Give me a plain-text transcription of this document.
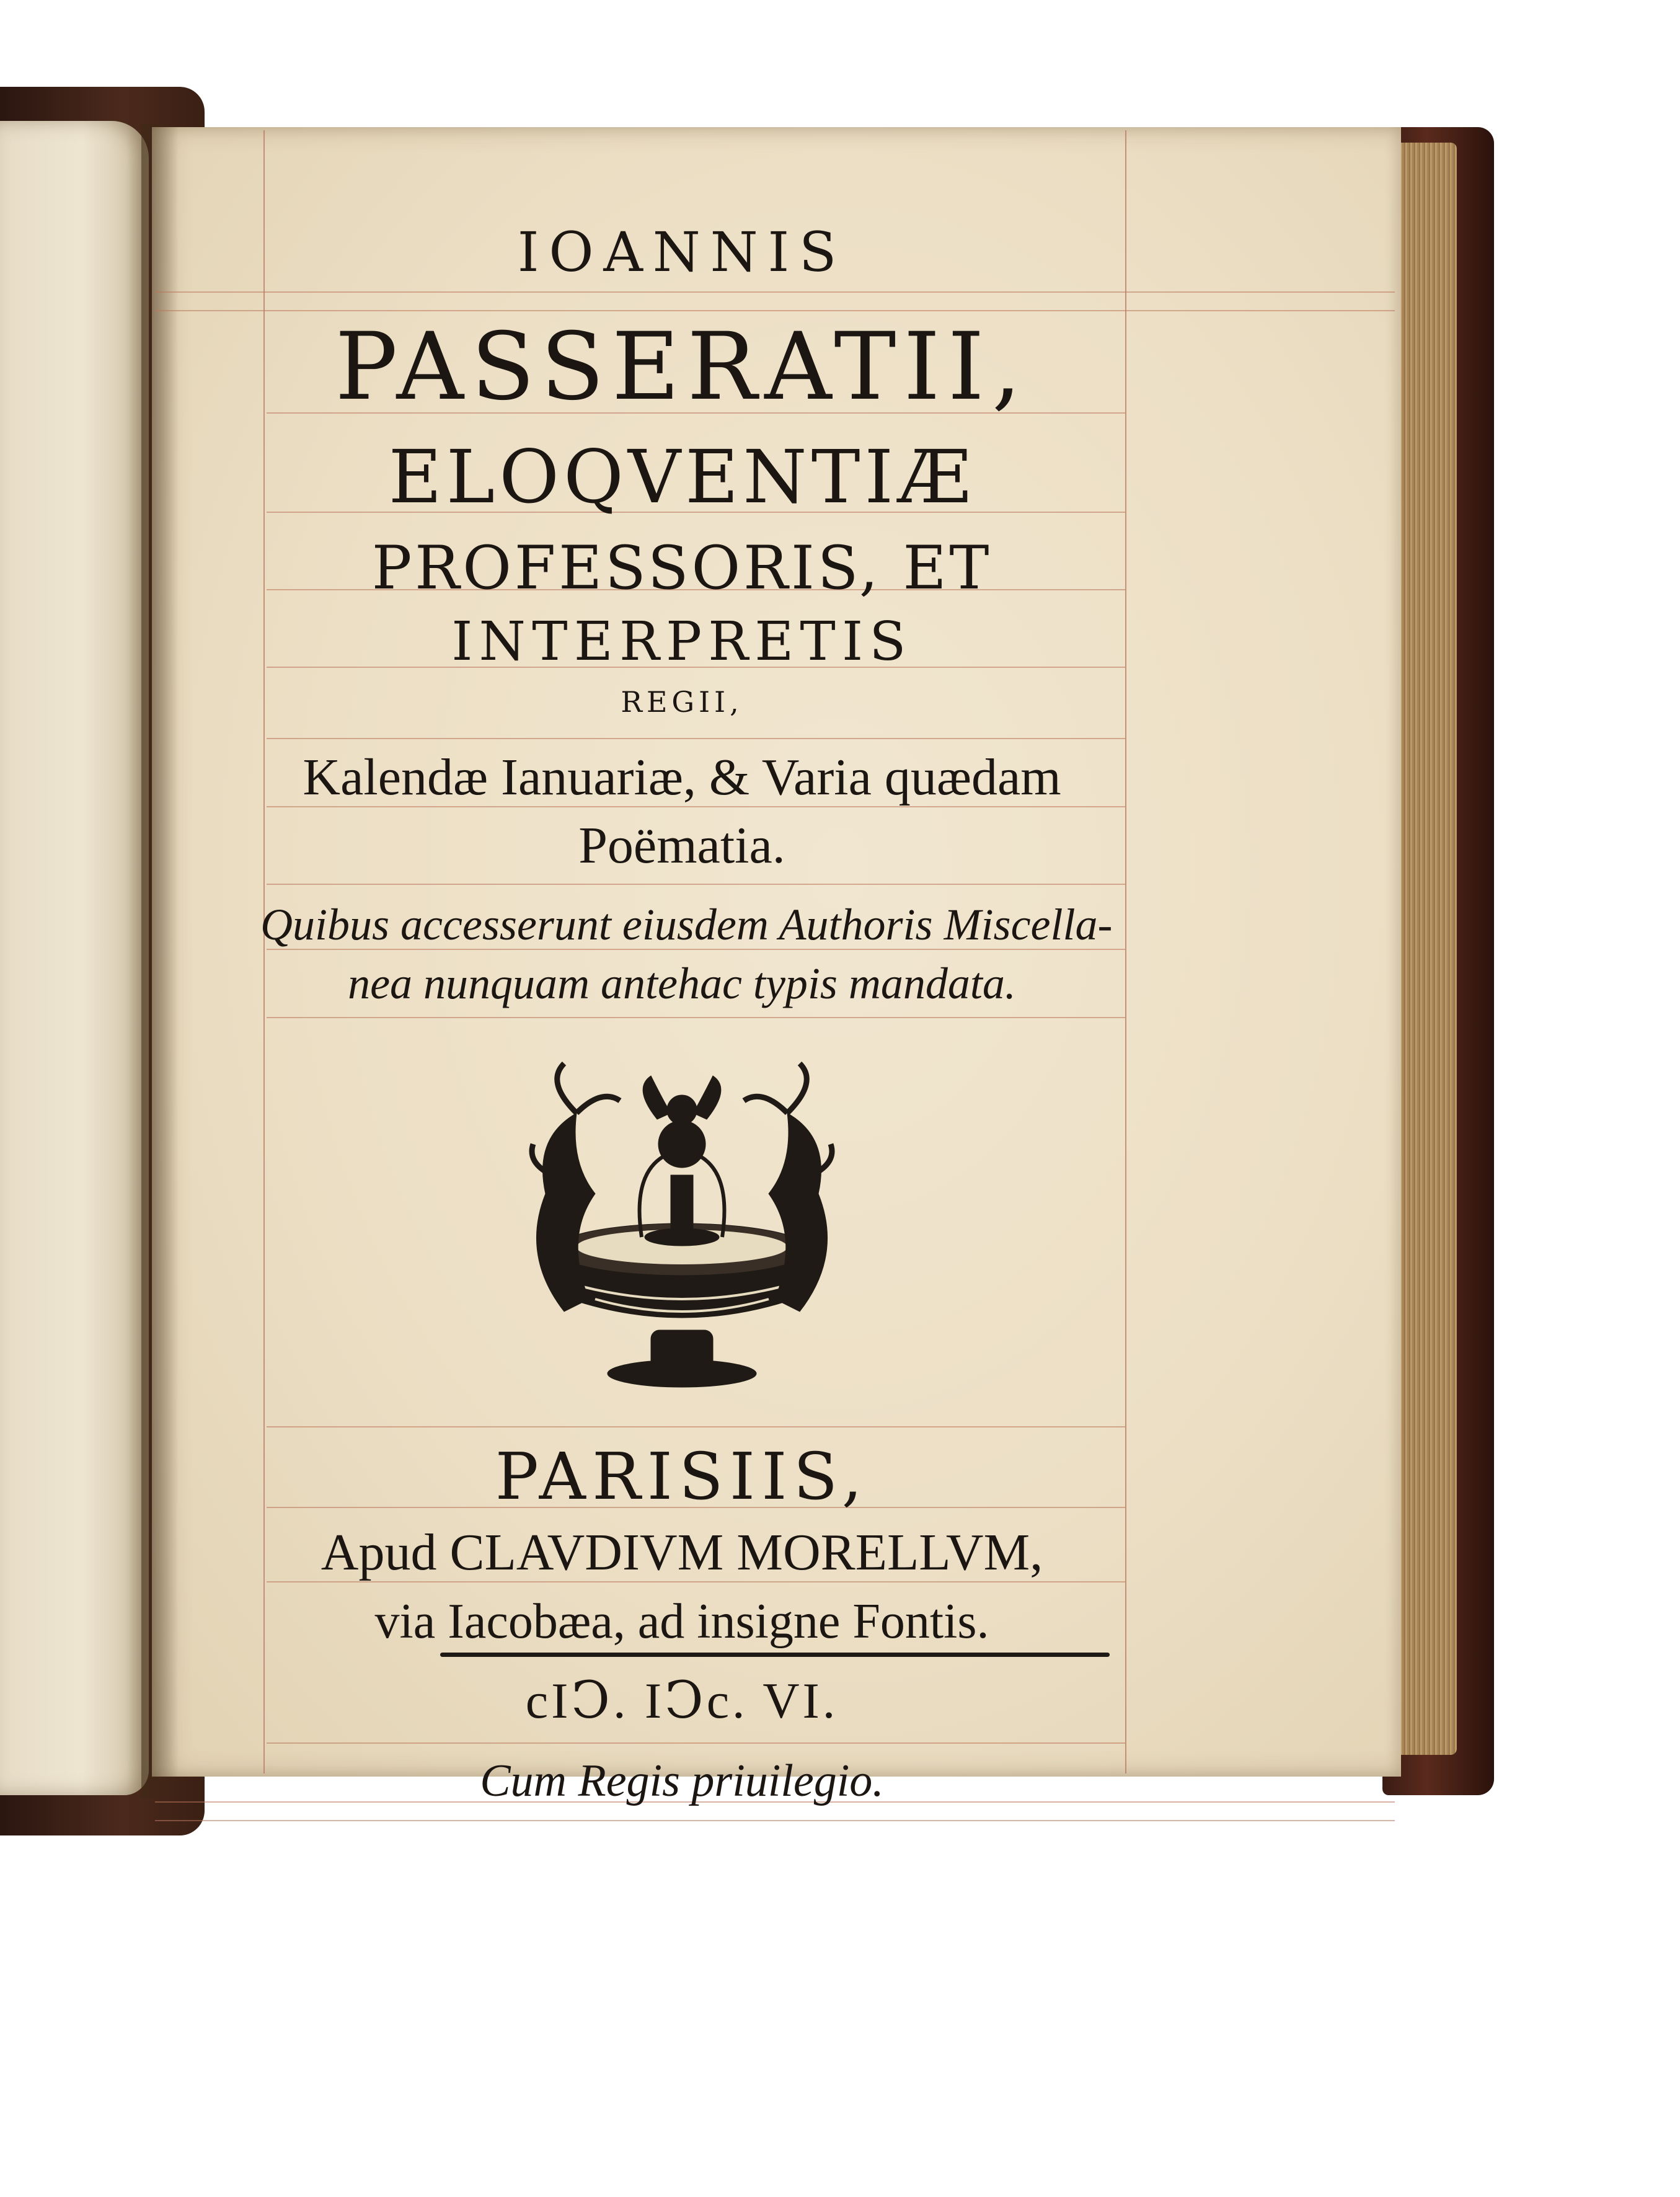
IOANNIS

PASSERATII,

ELOQVENTIÆ

PROFESSORIS, ET

INTERPRETIS

REGII,

Kalendæ Ianuariæ, & Varia quædam

Poëmatia.

Quibus accesserunt eiusdem Authoris Miscella-

nea nunquam antehac typis mandata.

PARISIIS,

Apud CLAVDIVM MORELLVM,

via Iacobæa, ad insigne Fontis.

cIↃ. IↃc. VI.

Cum Regis priuilegio.
